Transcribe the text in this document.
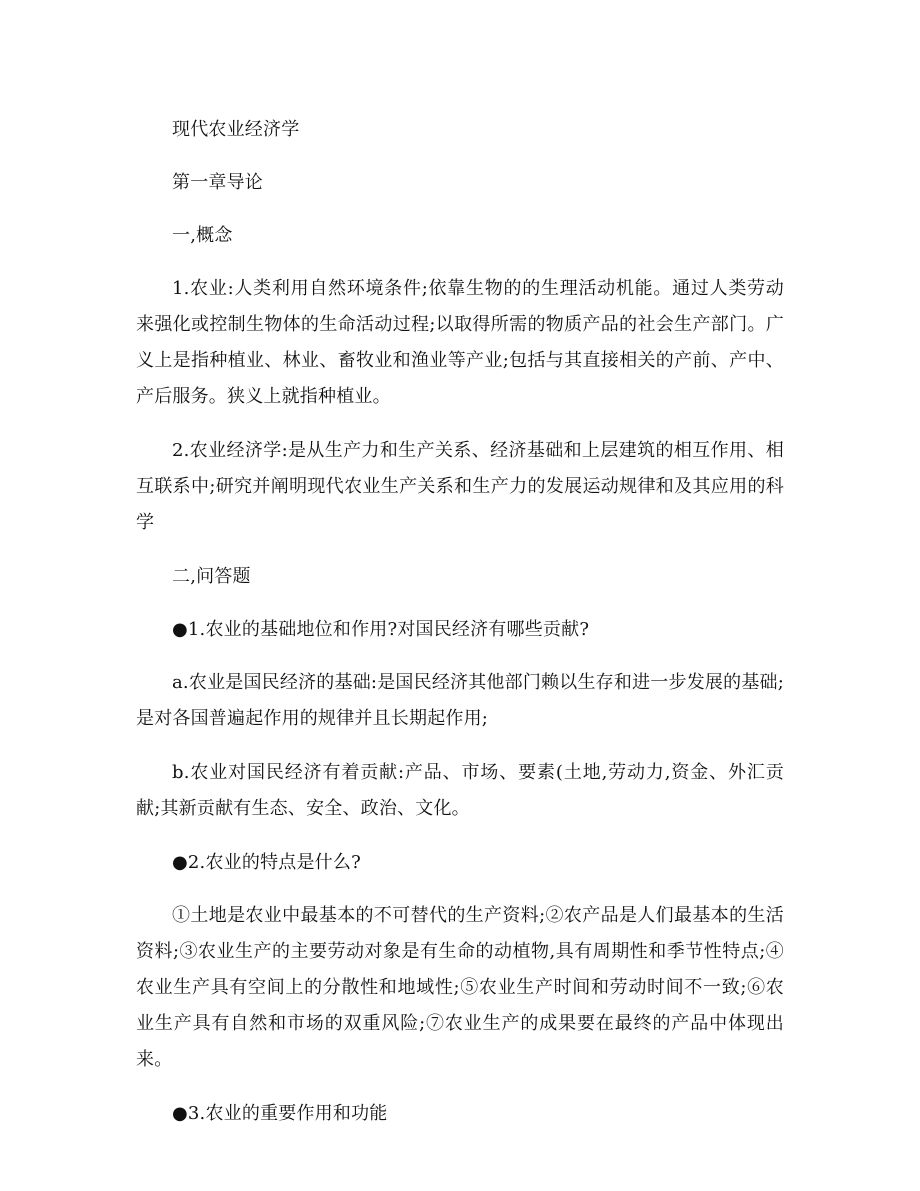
现代农业经济学

第一章导论

一,概念

1.农业:人类利用自然环境条件;依靠生物的的生理活动机能。通过人类劳动来强化或控制生物体的生命活动过程;以取得所需的物质产品的社会生产部门。广义上是指种植业、林业、畜牧业和渔业等产业;包括与其直接相关的产前、产中、产后服务。狭义上就指种植业。

2.农业经济学:是从生产力和生产关系、经济基础和上层建筑的相互作用、相互联系中;研究并阐明现代农业生产关系和生产力的发展运动规律和及其应用的科学

二,问答题

●1.农业的基础地位和作用?对国民经济有哪些贡献?

a.农业是国民经济的基础:是国民经济其他部门赖以生存和进一步发展的基础;是对各国普遍起作用的规律并且长期起作用;

b.农业对国民经济有着贡献:产品、市场、要素(土地,劳动力,资金、外汇贡献;其新贡献有生态、安全、政治、文化。

●2.农业的特点是什么?

①土地是农业中最基本的不可替代的生产资料;②农产品是人们最基本的生活资料;③农业生产的主要劳动对象是有生命的动植物,具有周期性和季节性特点;④农业生产具有空间上的分散性和地域性;⑤农业生产时间和劳动时间不一致;⑥农业生产具有自然和市场的双重风险;⑦农业生产的成果要在最终的产品中体现出来。

●3.农业的重要作用和功能
